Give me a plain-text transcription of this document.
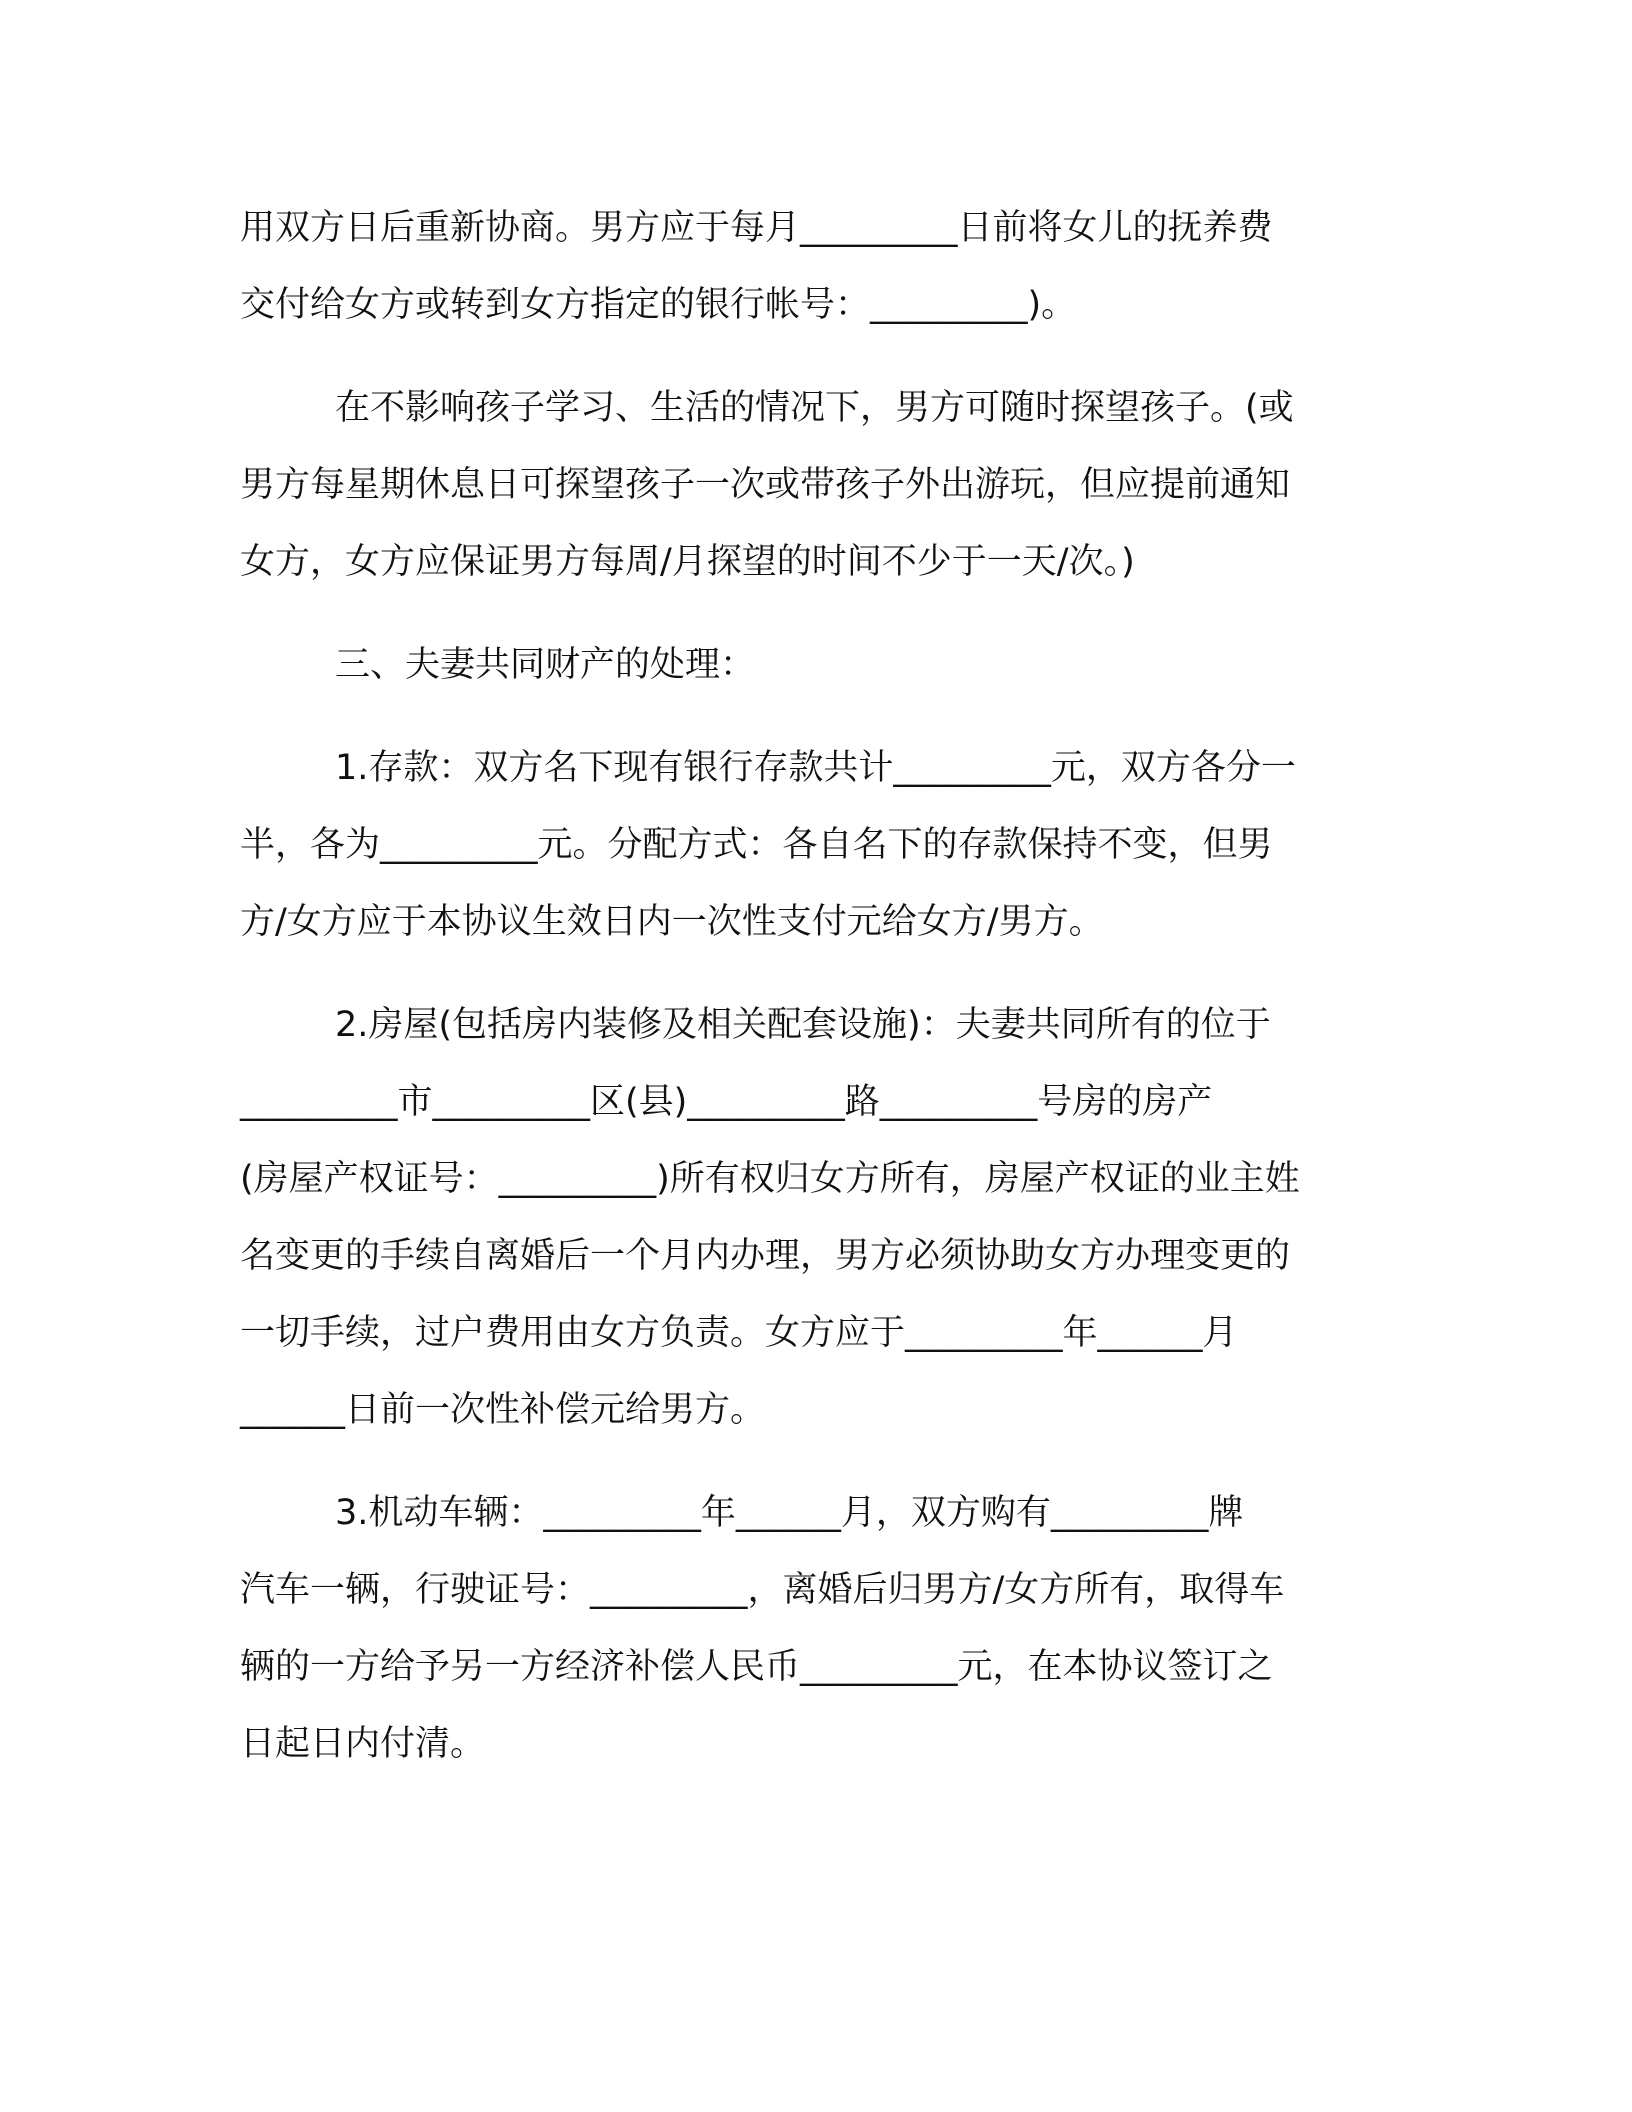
用双方日后重新协商。男方应于每月_________日前将女儿的抚养费
交付给女方或转到女方指定的银行帐号：_________)。
在不影响孩子学习、生活的情况下，男方可随时探望孩子。(或
男方每星期休息日可探望孩子一次或带孩子外出游玩，但应提前通知
女方，女方应保证男方每周/月探望的时间不少于一天/次。)
三、夫妻共同财产的处理：
1.存款：双方名下现有银行存款共计_________元，双方各分一
半，各为_________元。分配方式：各自名下的存款保持不变，但男
方/女方应于本协议生效日内一次性支付元给女方/男方。
2.房屋(包括房内装修及相关配套设施)：夫妻共同所有的位于
_________市_________区(县)_________路_________号房的房产
(房屋产权证号：_________)所有权归女方所有，房屋产权证的业主姓
名变更的手续自离婚后一个月内办理，男方必须协助女方办理变更的
一切手续，过户费用由女方负责。女方应于_________年______月
______日前一次性补偿元给男方。
3.机动车辆：_________年______月，双方购有_________牌
汽车一辆，行驶证号：_________，离婚后归男方/女方所有，取得车
辆的一方给予另一方经济补偿人民币_________元，在本协议签订之
日起日内付清。
